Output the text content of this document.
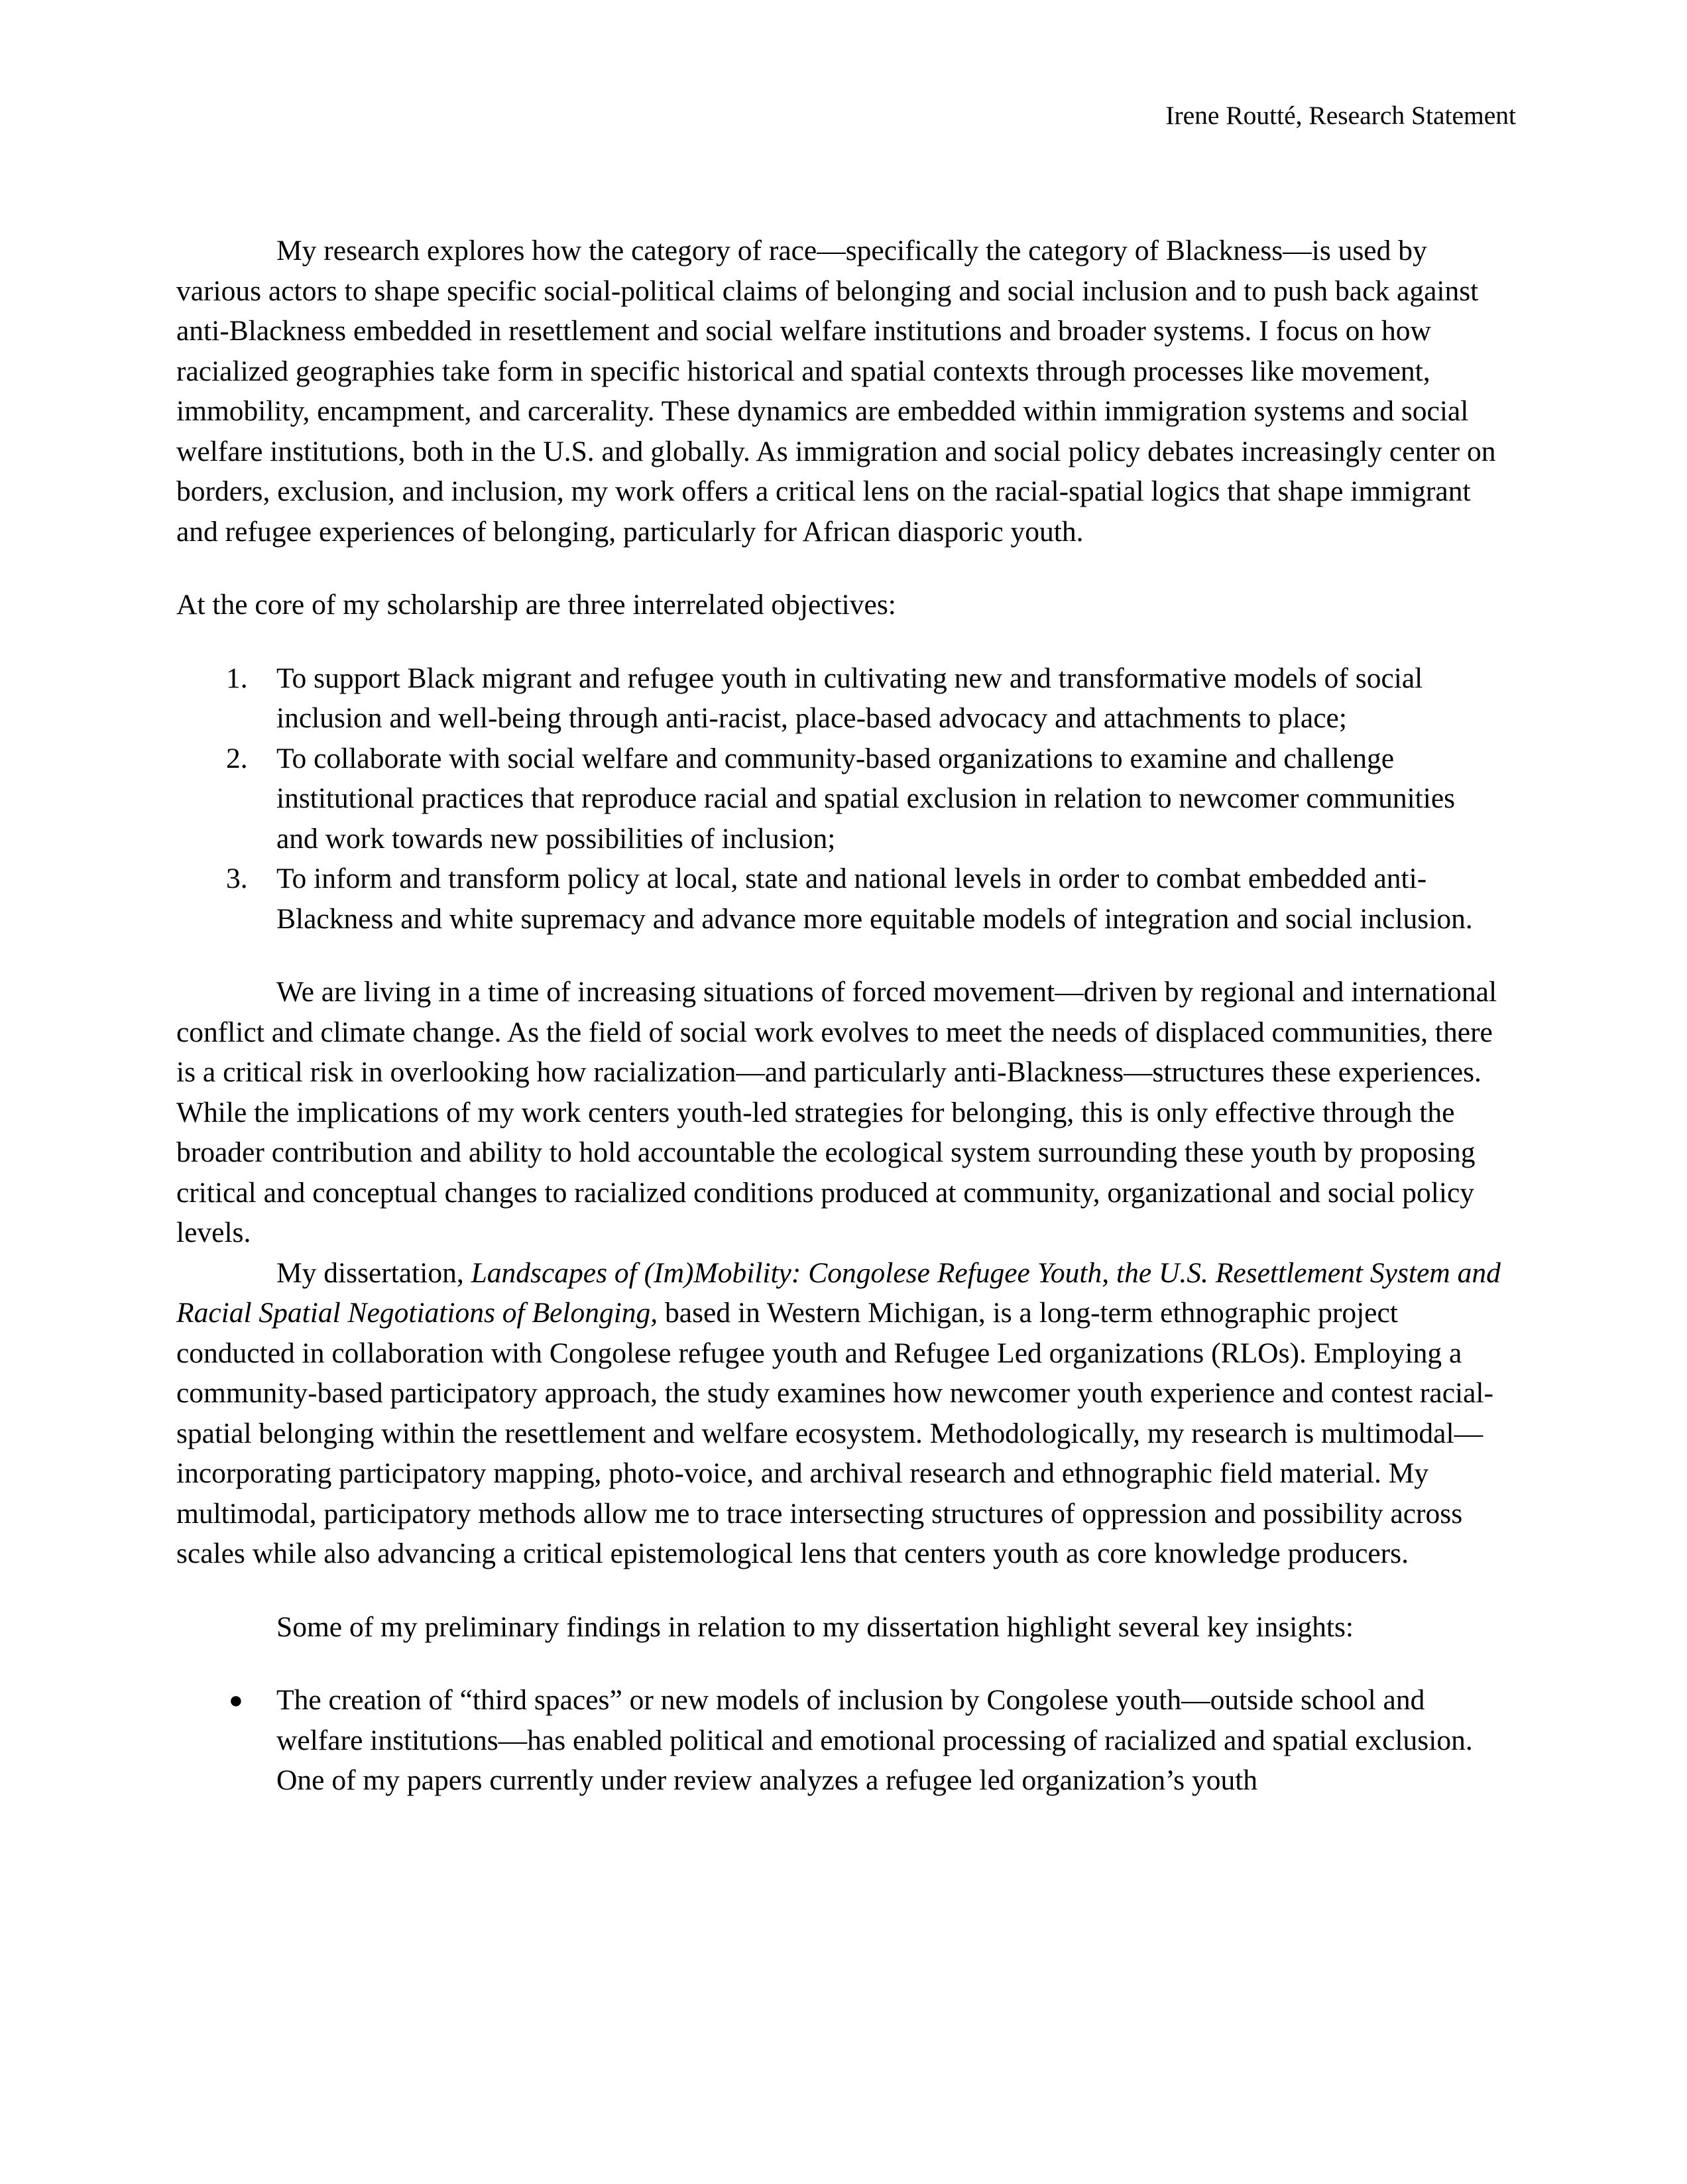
Irene Routté, Research Statement

My research explores how the category of race—specifically the category of Blackness—is used by various actors to shape specific social-political claims of belonging and social inclusion and to push back against anti-Blackness embedded in resettlement and social welfare institutions and broader systems. I focus on how racialized geographies take form in specific historical and spatial contexts through processes like movement, immobility, encampment, and carcerality. These dynamics are embedded within immigration systems and social welfare institutions, both in the U.S. and globally. As immigration and social policy debates increasingly center on borders, exclusion, and inclusion, my work offers a critical lens on the racial-spatial logics that shape immigrant and refugee experiences of belonging, particularly for African diasporic youth.

At the core of my scholarship are three interrelated objectives:

1. To support Black migrant and refugee youth in cultivating new and transformative models of social inclusion and well-being through anti-racist, place-based advocacy and attachments to place;
2. To collaborate with social welfare and community-based organizations to examine and challenge institutional practices that reproduce racial and spatial exclusion in relation to newcomer communities and work towards new possibilities of inclusion;
3. To inform and transform policy at local, state and national levels in order to combat embedded anti-Blackness and white supremacy and advance more equitable models of integration and social inclusion.

We are living in a time of increasing situations of forced movement—driven by regional and international conflict and climate change. As the field of social work evolves to meet the needs of displaced communities, there is a critical risk in overlooking how racialization—and particularly anti-Blackness—structures these experiences. While the implications of my work centers youth-led strategies for belonging, this is only effective through the broader contribution and ability to hold accountable the ecological system surrounding these youth by proposing critical and conceptual changes to racialized conditions produced at community, organizational and social policy levels.

My dissertation, Landscapes of (Im)Mobility: Congolese Refugee Youth, the U.S. Resettlement System and Racial Spatial Negotiations of Belonging, based in Western Michigan, is a long-term ethnographic project conducted in collaboration with Congolese refugee youth and Refugee Led organizations (RLOs). Employing a community-based participatory approach, the study examines how newcomer youth experience and contest racial-spatial belonging within the resettlement and welfare ecosystem. Methodologically, my research is multimodal—incorporating participatory mapping, photo-voice, and archival research and ethnographic field material. My multimodal, participatory methods allow me to trace intersecting structures of oppression and possibility across scales while also advancing a critical epistemological lens that centers youth as core knowledge producers.

Some of my preliminary findings in relation to my dissertation highlight several key insights:

● The creation of “third spaces” or new models of inclusion by Congolese youth—outside school and welfare institutions—has enabled political and emotional processing of racialized and spatial exclusion. One of my papers currently under review analyzes a refugee led organization’s youth
